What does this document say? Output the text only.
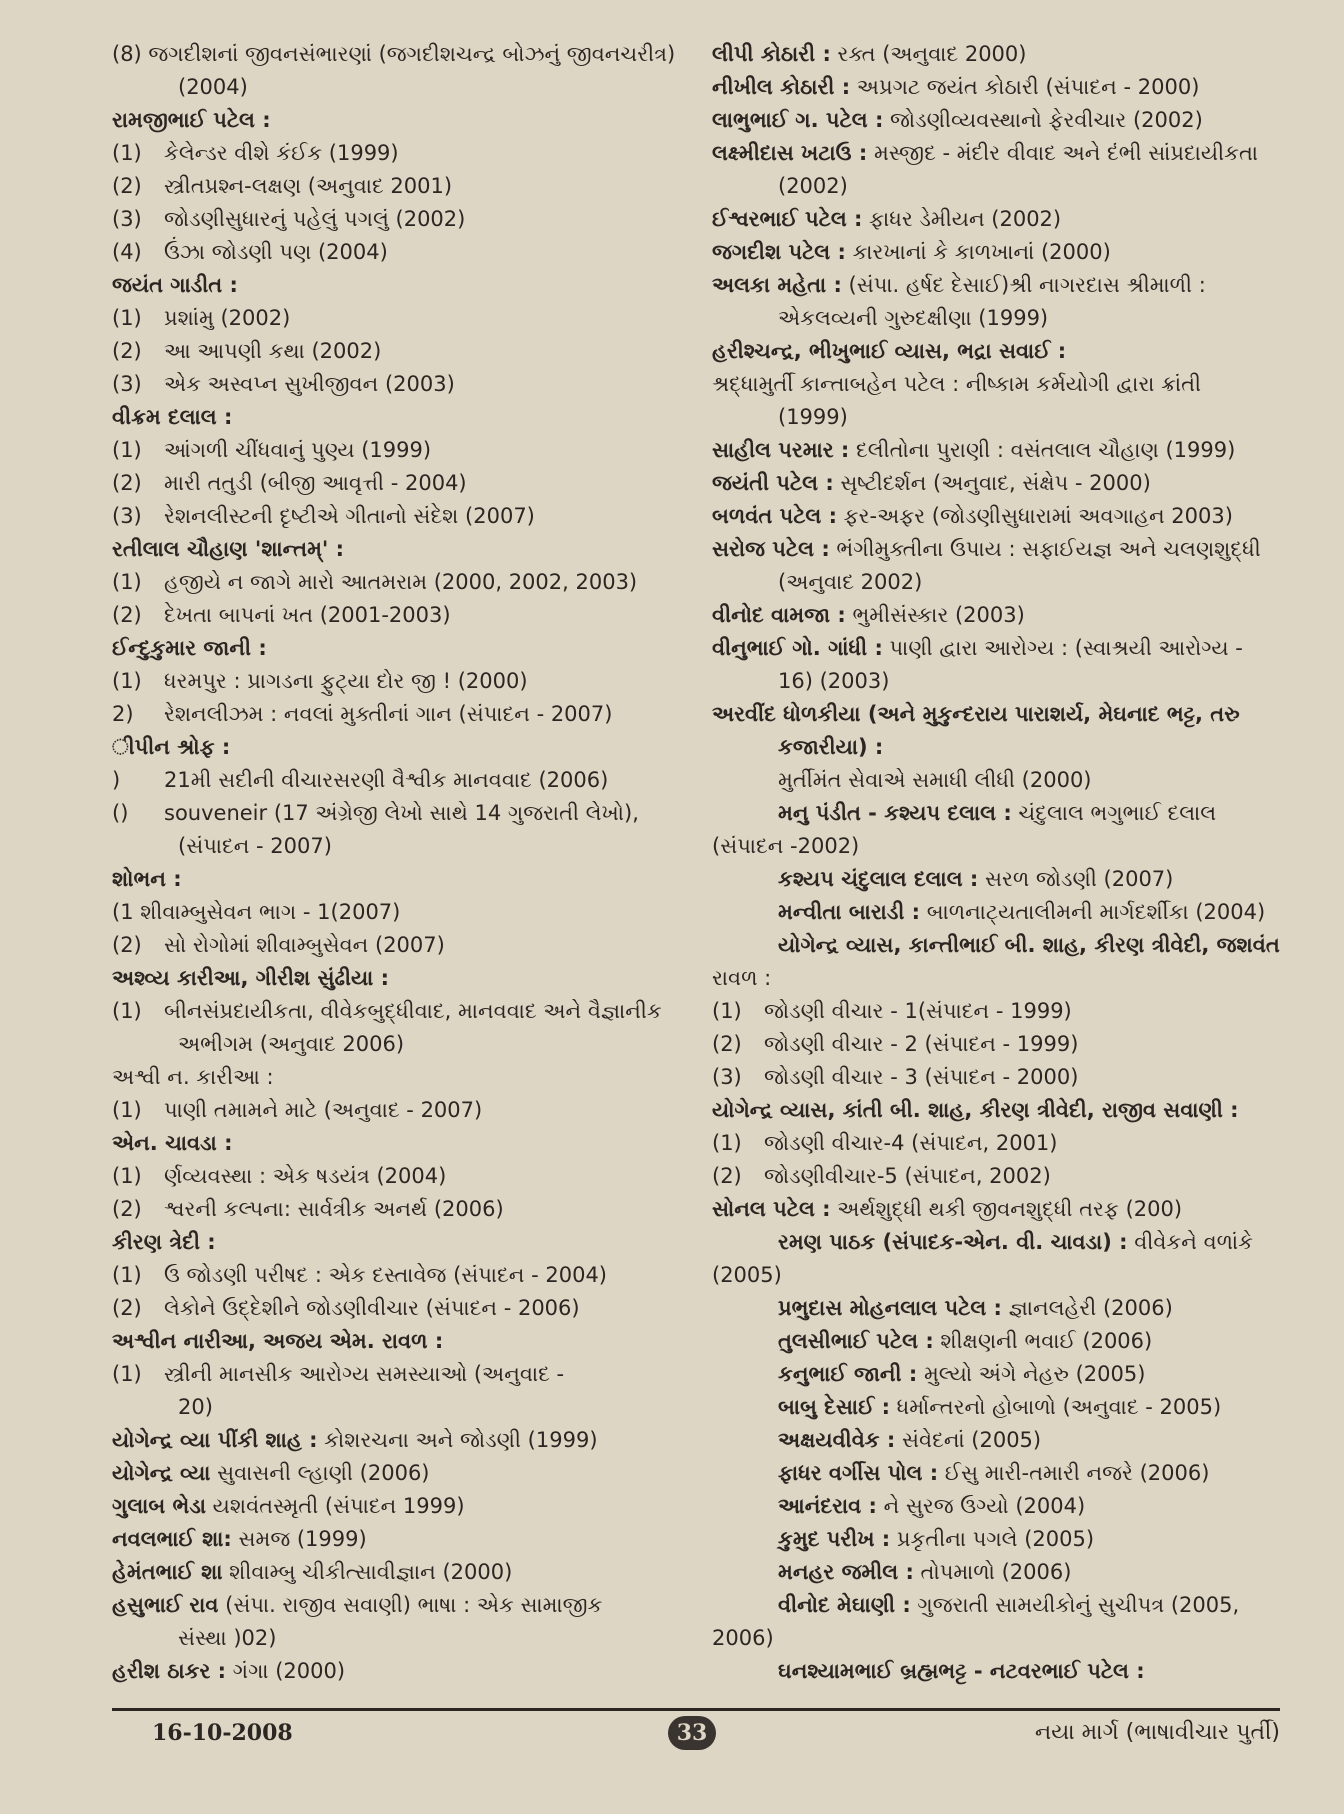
(8) જગદીશનાં જીવનસંભારણાં (જગદીશચન્દ્ર બોઝનું જીવનચરીત્ર)
(2004)
રામજીભાઈ પટેલ :
(1) કેલેન્ડર વીશે કંઈક (1999)
(2) સ્ત્રીતપ્રશ્ન-લક્ષણ (અનુવાદ 2001)
(3) જોડણીસુધારનું પહેલું પગલું (2002)
(4) ઉંઝા જોડણી પણ (2004)
જયંત ગાડીત :
(1) પ્રશાંમુ (2002)
(2) આ આપણી કથા (2002)
(3) એક અસ્વપ્ન સુખીજીવન (2003)
વીક્રમ દલાલ :
(1) આંગળી ચીંધવાનું પુણ્ય (1999)
(2) મારી તતુડી (બીજી આવૃત્તી - 2004)
(3) રેશનલીસ્ટની દૃષ્ટીએ ગીતાનો સંદેશ (2007)
રતીલાલ ચૌહાણ 'શાન્તમ્' :
(1) હજીયે ન જાગે મારો આતમરામ (2000, 2002, 2003)
(2) દેખતા બાપનાં ખત (2001-2003)
ઈન્દુકુમાર જાની :
(1) ધરમપુર : પ્રાગડના ફુટ્યા દોર જી ! (2000)
2) રેશનલીઝમ : નવલાં મુક્તીનાં ગાન (સંપાદન - 2007)
ીપીન શ્રોફ :
) 21મી સદીની વીચારસરણી વૈશ્વીક માનવવાદ (2006)
() souveneir (17 અંગ્રેજી લેખો સાથે 14 ગુજરાતી લેખો),
(સંપાદન - 2007)
શોભન :
(1 શીવામ્બુસેવન ભાગ - 1(2007)
(2) સો રોગોમાં શીવામ્બુસેવન (2007)
અશ્વ્ય કારીઆ, ગીરીશ સુંઢીયા :
(1) બીનસંપ્રદાયીકતા, વીવેકબુદ્ધીવાદ, માનવવાદ અને વૈજ્ઞાનીક
અભીગમ (અનુવાદ 2006)
અશ્વી ન. કારીઆ :
(1) પાણી તમામને માટે (અનુવાદ - 2007)
એન. ચાવડા :
(1) ર્ણવ્યવસ્થા : એક ષડયંત્ર (2004)
(2) શ્વરની કલ્પના: સાર્વત્રીક અનર્થ (2006)
કીરણ ત્રેદી :
(1) ઉ જોડણી પરીષદ : એક દસ્તાવેજ (સંપાદન - 2004)
(2) લેકોને ઉદ્દેશીને જોડણીવીચાર (સંપાદન - 2006)
અશ્વીન નારીઆ, અજય એમ. રાવળ :
(1) સ્ત્રીની માનસીક આરોગ્ય સમસ્યાઓ (અનુવાદ -
20)
યોગેન્દ્ર વ્યા પીંકી શાહ : કોશરચના અને જોડણી (1999)
યોગેન્દ્ર વ્યા સુવાસની લ્હાણી (2006)
ગુલાબ ભેડા યશવંતસ્મૃતી (સંપાદન 1999)
નવલભાઈ શા: સમજ (1999)
હેમંતભાઈ શા શીવામ્બુ ચીકીત્સાવીજ્ઞાન (2000)
હસુભાઈ રાવ (સંપા. રાજીવ સવાણી) ભાષા : એક સામાજીક
સંસ્થા )02)
હરીશ ઠાકર : ગંગા (2000)
લીપી કોઠારી : રક્ત (અનુવાદ 2000)
નીખીલ કોઠારી : અપ્રગટ જયંત કોઠારી (સંપાદન - 2000)
લાભુભાઈ ગ. પટેલ : જોડણીવ્યવસ્થાનો ફેરવીચાર (2002)
લક્ષ્મીદાસ ખટાઉ : મસ્જીદ - મંદીર વીવાદ અને દંભી સાંપ્રદાયીકતા
(2002)
ઈશ્વરભાઈ પટેલ : ફાધર ડેમીયન (2002)
જગદીશ પટેલ : કારખાનાં કે કાળખાનાં (2000)
અલકા મહેતા : (સંપા. હર્ષદ દેસાઈ)શ્રી નાગરદાસ શ્રીમાળી :
એકલવ્યની ગુરુદક્ષીણા (1999)
હરીશ્ચન્દ્ર, ભીખુભાઈ વ્યાસ, ભદ્રા સવાઈ :
શ્રદ્ધામુર્તી કાન્તાબહેન પટેલ : નીષ્કામ કર્મયોગી દ્વારા ક્રાંતી
(1999)
સાહીલ પરમાર : દલીતોના પુરાણી : વસંતલાલ ચૌહાણ (1999)
જયંતી પટેલ : સૃષ્ટીદર્શન (અનુવાદ, સંક્ષેપ - 2000)
બળવંત પટેલ : ફર-અફર (જોડણીસુધારામાં અવગાહન 2003)
સરોજ પટેલ : ભંગીમુક્તીના ઉપાય : સફાઈયજ્ઞ અને ચલણશુદ્ધી
(અનુવાદ 2002)
વીનોદ વામજા : ભુમીસંસ્કાર (2003)
વીનુભાઈ ગો. ગાંધી : પાણી દ્વારા આરોગ્ય : (સ્વાશ્રયી આરોગ્ય -
16) (2003)
અરવીંદ ધોળકીયા (અને મુકુન્દરાય પારાશર્ય, મેઘનાદ ભટ્ટ, તરુ
કજારીયા) :
મુર્તીમંત સેવાએ સમાધી લીધી (2000)
મનુ પંડીત - કશ્યપ દલાલ : ચંદુલાલ ભગુભાઈ દલાલ
(સંપાદન -2002)
કશ્યપ ચંદુલાલ દલાલ : સરળ જોડણી (2007)
મન્વીતા બારાડી : બાળનાટ્યતાલીમની માર્ગદર્શીકા (2004)
યોગેન્દ્ર વ્યાસ, કાન્તીભાઈ બી. શાહ, કીરણ ત્રીવેદી, જશવંત
રાવળ :
(1) જોડણી વીચાર - 1(સંપાદન - 1999)
(2) જોડણી વીચાર - 2 (સંપાદન - 1999)
(3) જોડણી વીચાર - 3 (સંપાદન - 2000)
યોગેન્દ્ર વ્યાસ, કાંતી બી. શાહ, કીરણ ત્રીવેદી, રાજીવ સવાણી :
(1) જોડણી વીચાર-4 (સંપાદન, 2001)
(2) જોડણીવીચાર-5 (સંપાદન, 2002)
સોનલ પટેલ : અર્થશુદ્ધી થકી જીવનશુદ્ધી તરફ (200)
રમણ પાઠક (સંપાદક-એન. વી. ચાવડા) : વીવેકને વળાંકે
(2005)
પ્રભુદાસ મોહનલાલ પટેલ : જ્ઞાનલહેરી (2006)
તુલસીભાઈ પટેલ : શીક્ષણની ભવાઈ (2006)
કનુભાઈ જાની : મુલ્યો અંગે નેહરુ (2005)
બાબુ દેસાઈ : ધર્માન્તરનો હોબાળો (અનુવાદ - 2005)
અક્ષયવીવેક : સંવેદનાં (2005)
ફાધર વર્ગીસ પોલ : ઈસુ મારી-તમારી નજરે (2006)
આનંદરાવ : ને સુરજ ઉગ્યો (2004)
કુમુદ પરીખ : પ્રકૃતીના પગલે (2005)
મનહર જમીલ : તોપમાળો (2006)
વીનોદ મેઘાણી : ગુજરાતી સામયીકોનું સુચીપત્ર (2005,
2006)
ઘનશ્યામભાઈ બ્રહ્મભટ્ટ - નટવરભાઈ પટેલ :
16-10-2008	33	નયા માર્ગ (ભાષાવીચાર પુર્તી)
